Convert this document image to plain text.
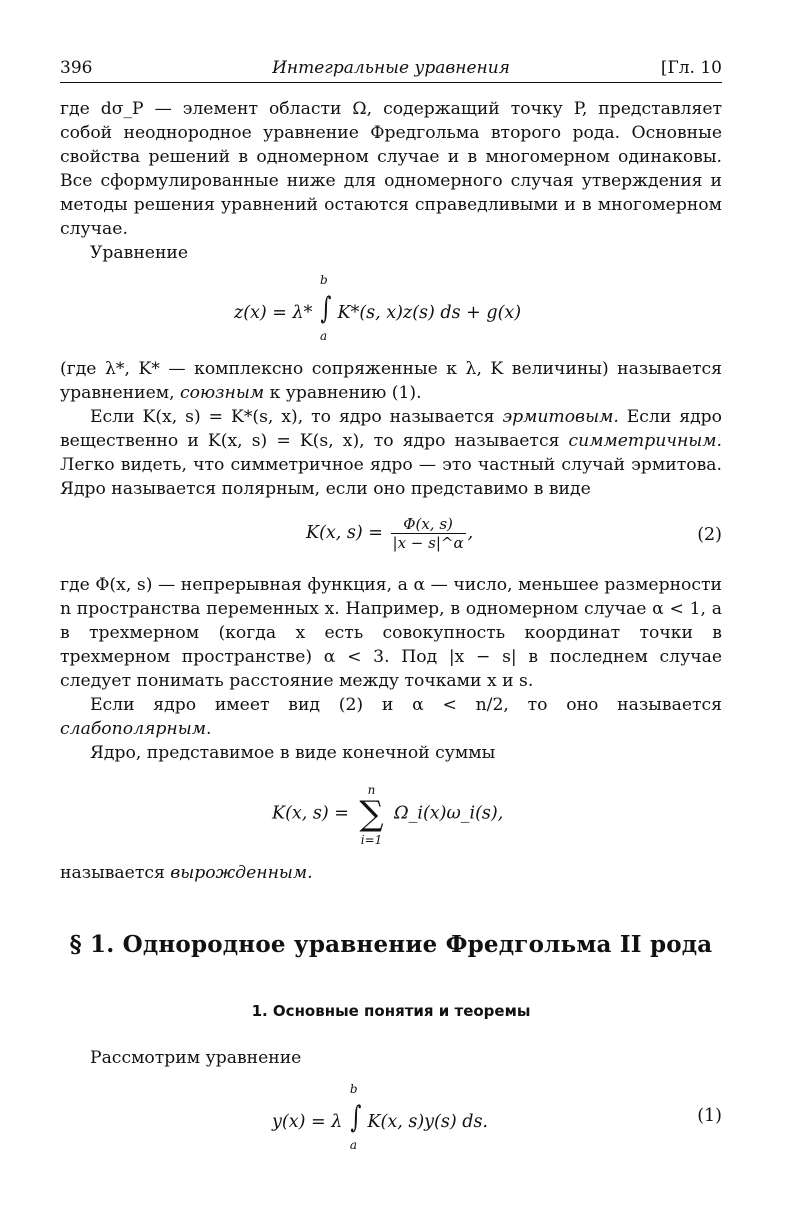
396	Интегральные уравнения	[Гл. 10

где dσ_P — элемент области Ω, содержащий точку P, представляет собой неоднородное уравнение Фредгольма второго рода. Основные свойства решений в одномерном случае и в многомерном одинаковы. Все сформулированные ниже для одномерного случая утверждения и методы решения уравнений остаются справедливыми и в многомерном случае.

Уравнение

z(x) = λ*
b
∫
a
K*(s, x)z(s) ds + g(x)

(где λ*, K* — комплексно сопряженные к λ, K величины) называется уравнением, союзным к уравнению (1).

Если K(x, s) = K*(s, x), то ядро называется эрмитовым. Если ядро вещественно и K(x, s) = K(s, x), то ядро называется симметричным. Легко видеть, что симметричное ядро — это частный случай эрмитова. Ядро называется полярным, если оно представимо в виде

K(x, $s) = \frac{\Phi(x, s)}{|x - s|\^{}\alpha}$ ,	(2)

где Φ(x, s) — непрерывная функция, а α — число, меньшее размерности n пространства переменных x. Например, в одномерном случае α < 1, а в трехмерном (когда x есть совокупность координат точки в трехмерном пространстве) α < 3. Под |x − s| в последнем случае следует понимать расстояние между точками x и s.

Если ядро имеет вид (2) и α < n/2, то оно называется слабополярным.

Ядро, представимое в виде конечной суммы

K(x, s) =
n
∑
i=1
Ω_i(x)ω_i(s),

называется вырожденным.

§ 1. Однородное уравнение Фредгольма II рода
1. Основные понятия и теоремы

Рассмотрим уравнение

y(x) = λ
b
∫
a
K(x, s)y(s) ds.	(1)
